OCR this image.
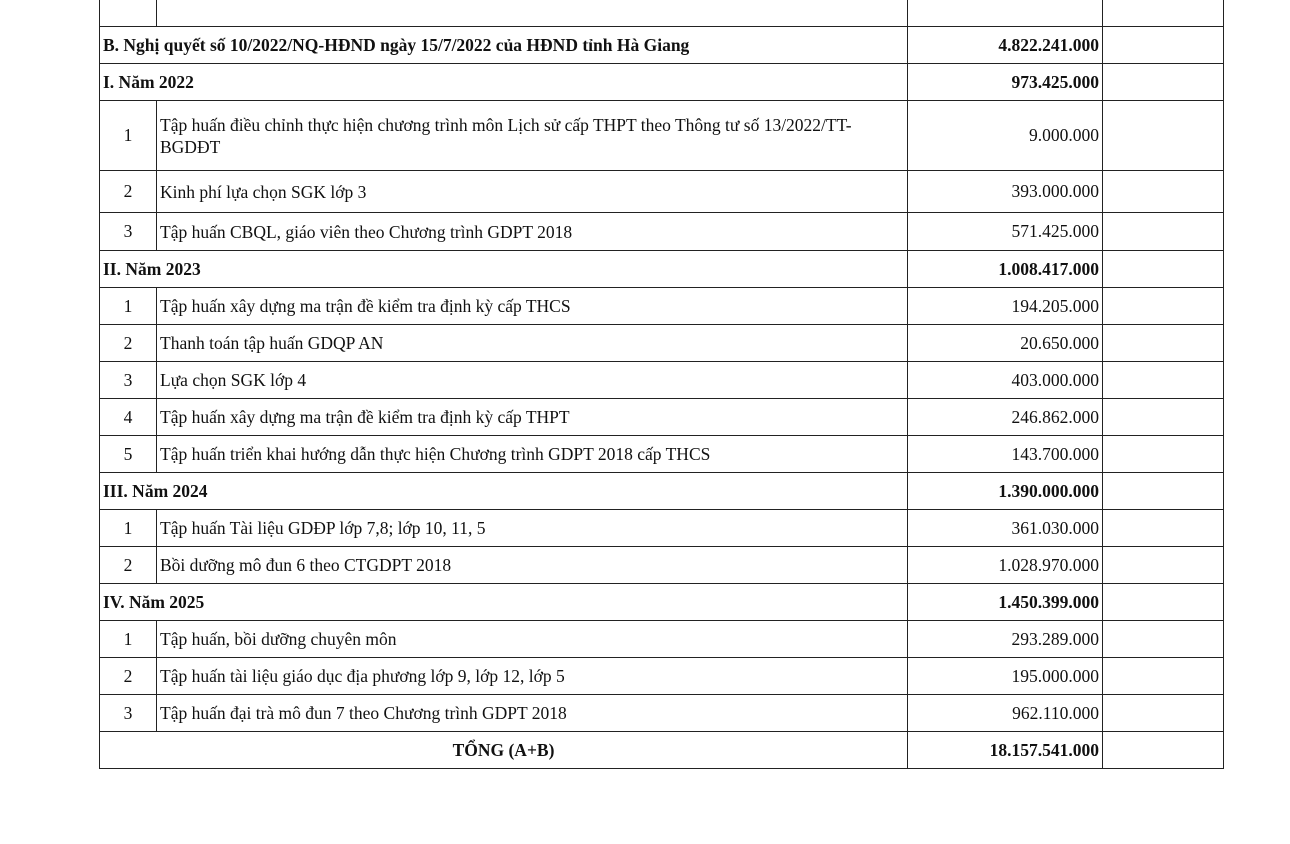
B. Nghị quyết số 10/2022/NQ-HĐND ngày 15/7/2022 của HĐND tỉnh Hà Giang		4.822.241.000	
I. Năm 2022		973.425.000	
1	Tập huấn điều chỉnh thực hiện chương trình môn Lịch sử cấp THPT theo Thông tư số 13/2022/TT-BGDĐT	9.000.000	
2	Kinh phí lựa chọn SGK lớp 3	393.000.000	
3	Tập huấn CBQL, giáo viên theo Chương trình GDPT 2018	571.425.000	
II. Năm 2023		1.008.417.000	
1	Tập huấn xây dựng ma trận đề kiểm tra định kỳ cấp THCS	194.205.000	
2	Thanh toán tập huấn GDQP AN	20.650.000	
3	Lựa chọn SGK lớp 4	403.000.000	
4	Tập huấn xây dựng ma trận đề kiểm tra định kỳ cấp THPT	246.862.000	
5	Tập huấn triển khai hướng dẫn thực hiện Chương trình GDPT 2018 cấp THCS	143.700.000	
III. Năm 2024		1.390.000.000	
1	Tập huấn Tài liệu GDĐP lớp 7,8; lớp 10, 11, 5	361.030.000	
2	Bồi dưỡng mô đun 6 theo CTGDPT 2018	1.028.970.000	
IV. Năm 2025		1.450.399.000	
1	Tập huấn, bồi dưỡng chuyên môn	293.289.000	
2	Tập huấn tài liệu giáo dục địa phương lớp 9, lớp 12, lớp 5	195.000.000	
3	Tập huấn đại trà mô đun 7 theo Chương trình GDPT 2018	962.110.000	
TỔNG (A+B)		18.157.541.000	
